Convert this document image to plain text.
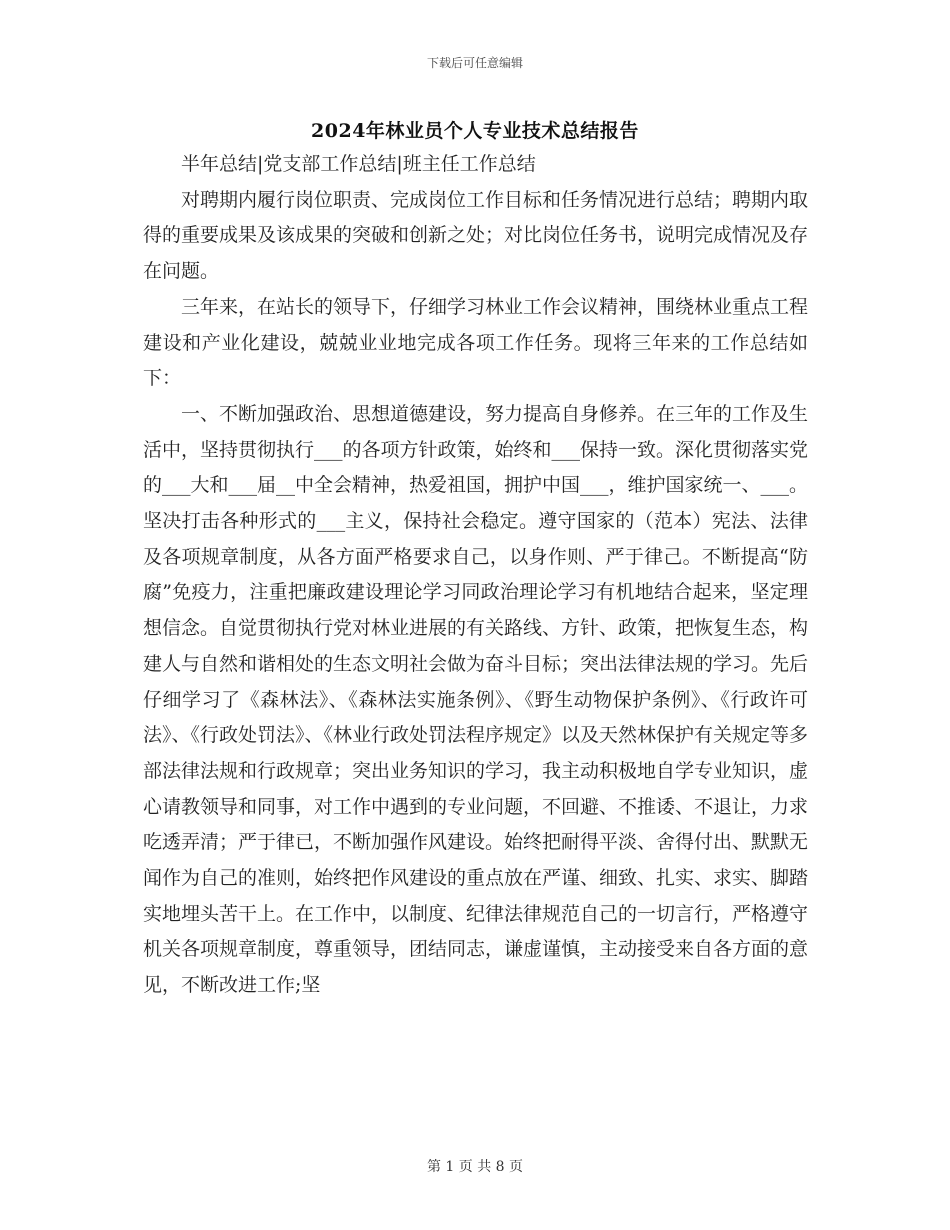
下载后可任意编辑
2024年林业员个人专业技术总结报告

半年总结|党支部工作总结|班主任工作总结

对聘期内履行岗位职责、完成岗位工作目标和任务情况进行总结；聘期内取得的重要成果及该成果的突破和创新之处；对比岗位任务书，说明完成情况及存在问题。

三年来，在站长的领导下，仔细学习林业工作会议精神，围绕林业重点工程建设和产业化建设，兢兢业业地完成各项工作任务。现将三年来的工作总结如下：

一、不断加强政治、思想道德建设，努力提高自身修养。在三年的工作及生活中，坚持贯彻执行___的各项方针政策，始终和___保持一致。深化贯彻落实党的___大和___届__中全会精神，热爱祖国，拥护中国___，维护国家统一、___。坚决打击各种形式的___主义，保持社会稳定。遵守国家的（范本）宪法、法律及各项规章制度，从各方面严格要求自己，以身作则、严于律己。不断提高“防腐”免疫力，注重把廉政建设理论学习同政治理论学习有机地结合起来，坚定理想信念。自觉贯彻执行党对林业进展的有关路线、方针、政策，把恢复生态，构建人与自然和谐相处的生态文明社会做为奋斗目标；突出法律法规的学习。先后仔细学习了《森林法》、《森林法实施条例》、《野生动物保护条例》、《行政许可法》、《行政处罚法》、《林业行政处罚法程序规定》以及天然林保护有关规定等多部法律法规和行政规章；突出业务知识的学习，我主动积极地自学专业知识，虚心请教领导和同事，对工作中遇到的专业问题，不回避、不推诿、不退让，力求吃透弄清；严于律已，不断加强作风建设。始终把耐得平淡、舍得付出、默默无闻作为自己的准则，始终把作风建设的重点放在严谨、细致、扎实、求实、脚踏实地埋头苦干上。在工作中，以制度、纪律法律规范自己的一切言行，严格遵守机关各项规章制度，尊重领导，团结同志，谦虚谨慎，主动接受来自各方面的意见，不断改进工作;坚

第 1 页 共 8 页
